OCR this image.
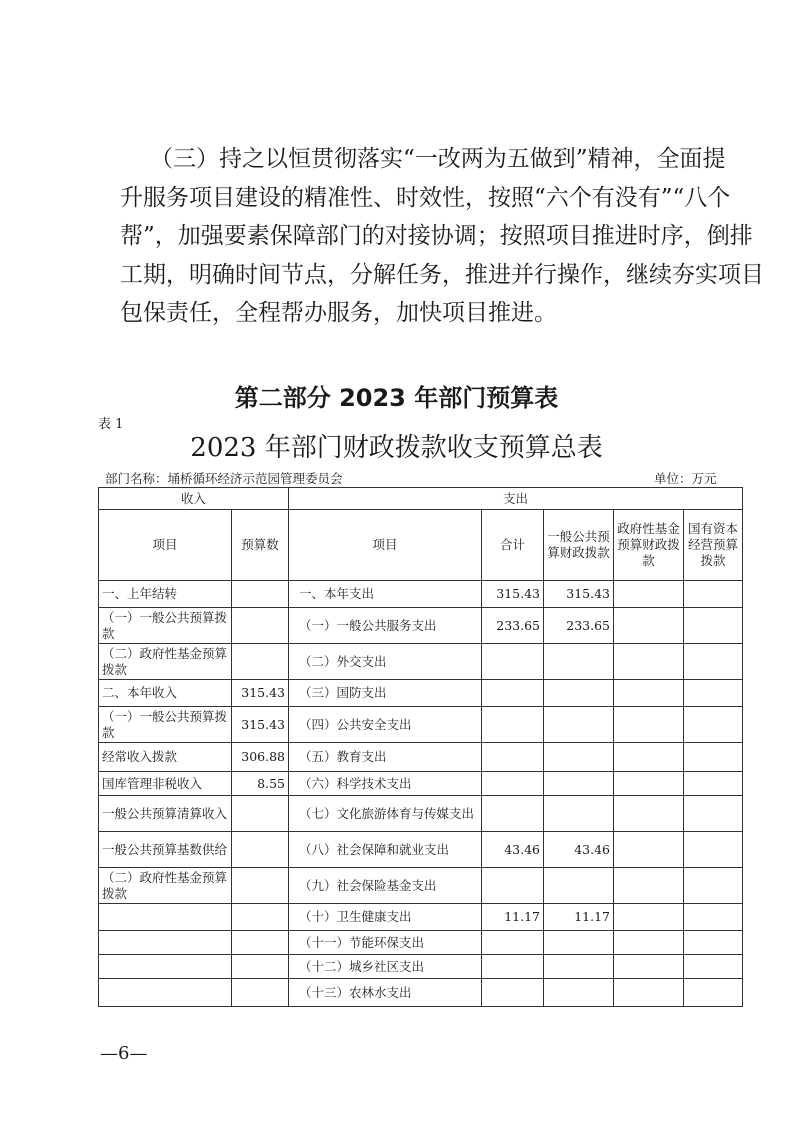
（三）持之以恒贯彻落实“一改两为五做到”精神，全面提
升服务项目建设的精准性、时效性，按照“六个有没有”“八个
帮”，加强要素保障部门的对接协调；按照项目推进时序，倒排
工期，明确时间节点，分解任务，推进并行操作，继续夯实项目
包保责任，全程帮办服务，加快项目推进。
第二部分 2023 年部门预算表
表 1
2023 年部门财政拨款收支预算总表
部门名称：埇桥循环经济示范园管理委员会	单位：万元
收入		支出				
项目	预算数	项目	合计	一般公共预算财政拨款	政府性基金预算财政拨款	国有资本经营预算拨款
一、上年结转		一、本年支出	315.43	315.43		
（一）一般公共预算拨款		（一）一般公共服务支出	233.65	233.65		
（二）政府性基金预算拨款		（二）外交支出				
二、本年收入	315.43	（三）国防支出				
（一）一般公共预算拨款	315.43	（四）公共安全支出				
经常收入拨款	306.88	（五）教育支出				
国库管理非税收入	8.55	（六）科学技术支出				
一般公共预算清算收入		（七）文化旅游体育与传媒支出				
一般公共预算基数供给		（八）社会保障和就业支出	43.46	43.46		
（二）政府性基金预算拨款		（九）社会保险基金支出				
		（十）卫生健康支出	11.17	11.17		
		（十一）节能环保支出				
		（十二）城乡社区支出				
		（十三）农林水支出				
—6—
